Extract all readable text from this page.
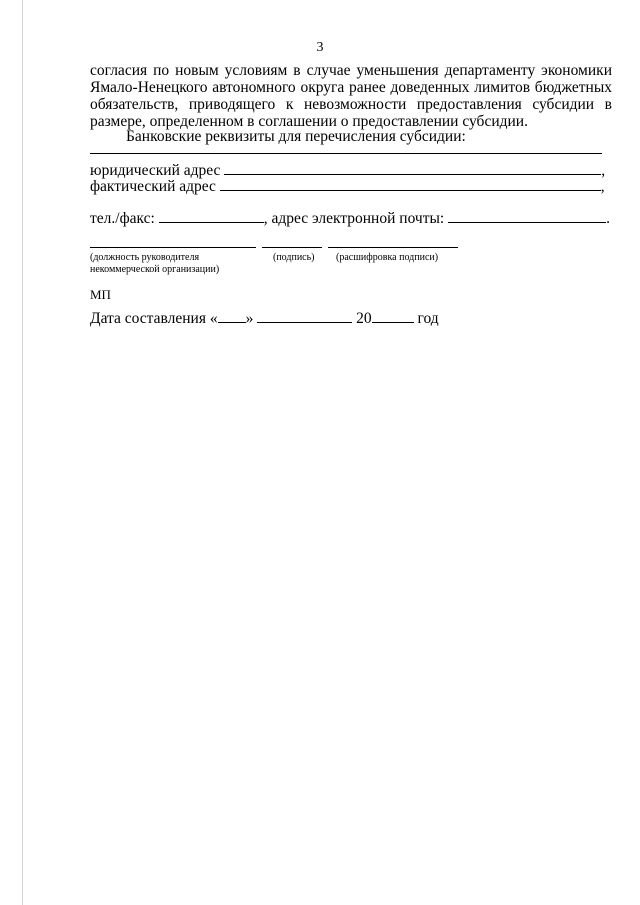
3
согласия по новым условиям в случае уменьшения департаменту экономики Ямало-Ненецкого автономного округа ранее доведенных лимитов бюджетных обязательств, приводящего к невозможности предоставления субсидии в размере, определенном в соглашении о предоставлении субсидии.
Банковские реквизиты для перечисления субсидии:
юридический адрес	,
фактический адрес	,
тел./факс:	, адрес электронной почты:	.
(должность руководителя некоммерческой организации)
(подпись) (расшифровка подписи)
МП
Дата составления « »	20	год
